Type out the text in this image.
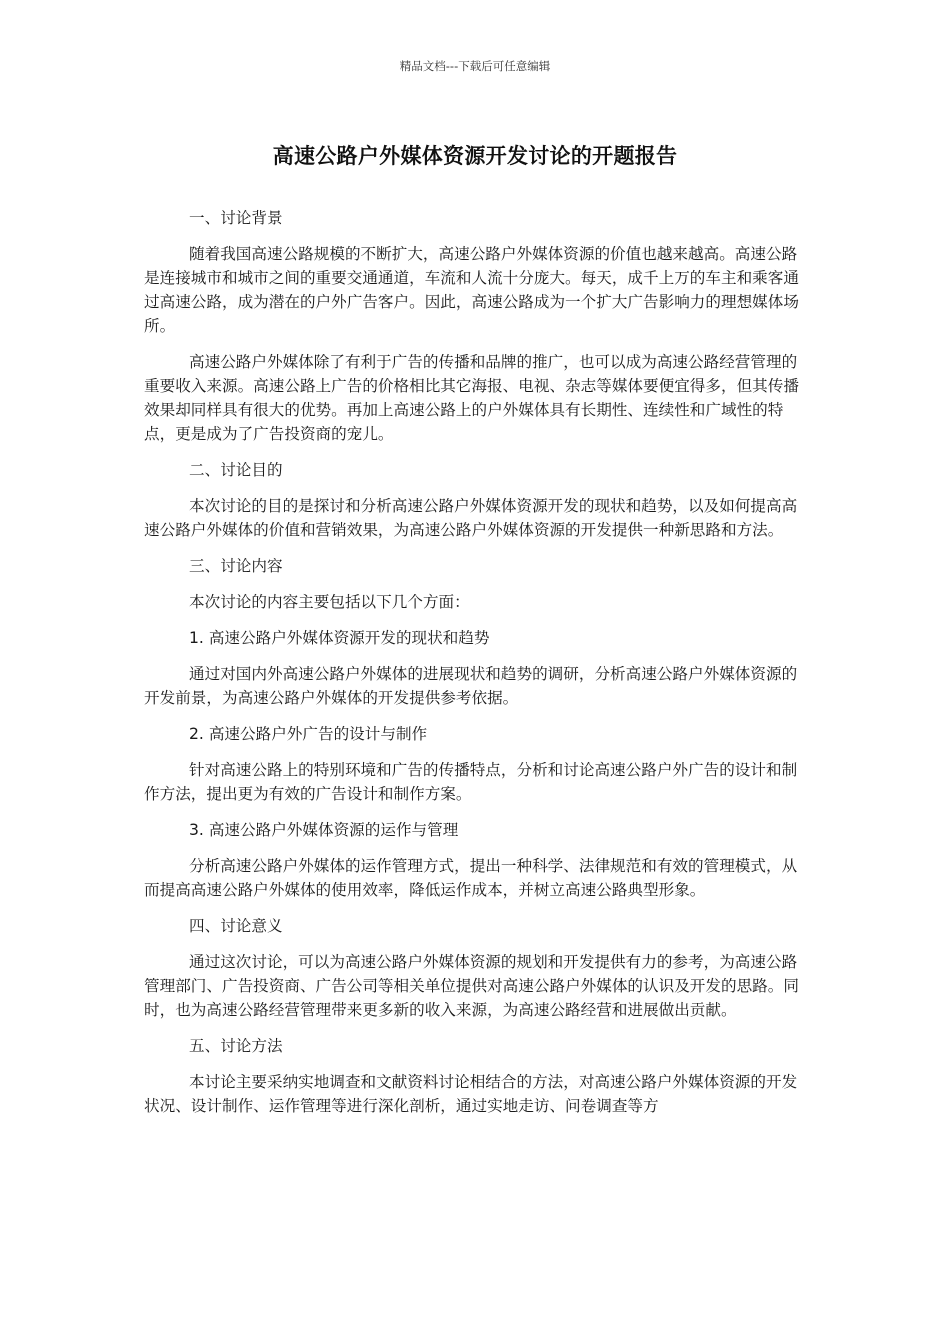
精品文档---下载后可任意编辑
高速公路户外媒体资源开发讨论的开题报告
一、讨论背景
随着我国高速公路规模的不断扩大，高速公路户外媒体资源的价值也越来越高。高速公路是连接城市和城市之间的重要交通通道，车流和人流十分庞大。每天，成千上万的车主和乘客通过高速公路，成为潜在的户外广告客户。因此，高速公路成为一个扩大广告影响力的理想媒体场所。
高速公路户外媒体除了有利于广告的传播和品牌的推广，也可以成为高速公路经营管理的重要收入来源。高速公路上广告的价格相比其它海报、电视、杂志等媒体要便宜得多，但其传播效果却同样具有很大的优势。再加上高速公路上的户外媒体具有长期性、连续性和广域性的特点，更是成为了广告投资商的宠儿。
二、讨论目的
本次讨论的目的是探讨和分析高速公路户外媒体资源开发的现状和趋势，以及如何提高高速公路户外媒体的价值和营销效果，为高速公路户外媒体资源的开发提供一种新思路和方法。
三、讨论内容
本次讨论的内容主要包括以下几个方面：
1. 高速公路户外媒体资源开发的现状和趋势
通过对国内外高速公路户外媒体的进展现状和趋势的调研，分析高速公路户外媒体资源的开发前景，为高速公路户外媒体的开发提供参考依据。
2. 高速公路户外广告的设计与制作
针对高速公路上的特别环境和广告的传播特点，分析和讨论高速公路户外广告的设计和制作方法，提出更为有效的广告设计和制作方案。
3. 高速公路户外媒体资源的运作与管理
分析高速公路户外媒体的运作管理方式，提出一种科学、法律规范和有效的管理模式，从而提高高速公路户外媒体的使用效率，降低运作成本，并树立高速公路典型形象。
四、讨论意义
通过这次讨论，可以为高速公路户外媒体资源的规划和开发提供有力的参考，为高速公路管理部门、广告投资商、广告公司等相关单位提供对高速公路户外媒体的认识及开发的思路。同时，也为高速公路经营管理带来更多新的收入来源，为高速公路经营和进展做出贡献。
五、讨论方法
本讨论主要采纳实地调查和文献资料讨论相结合的方法，对高速公路户外媒体资源的开发状况、设计制作、运作管理等进行深化剖析，通过实地走访、问卷调查等方
